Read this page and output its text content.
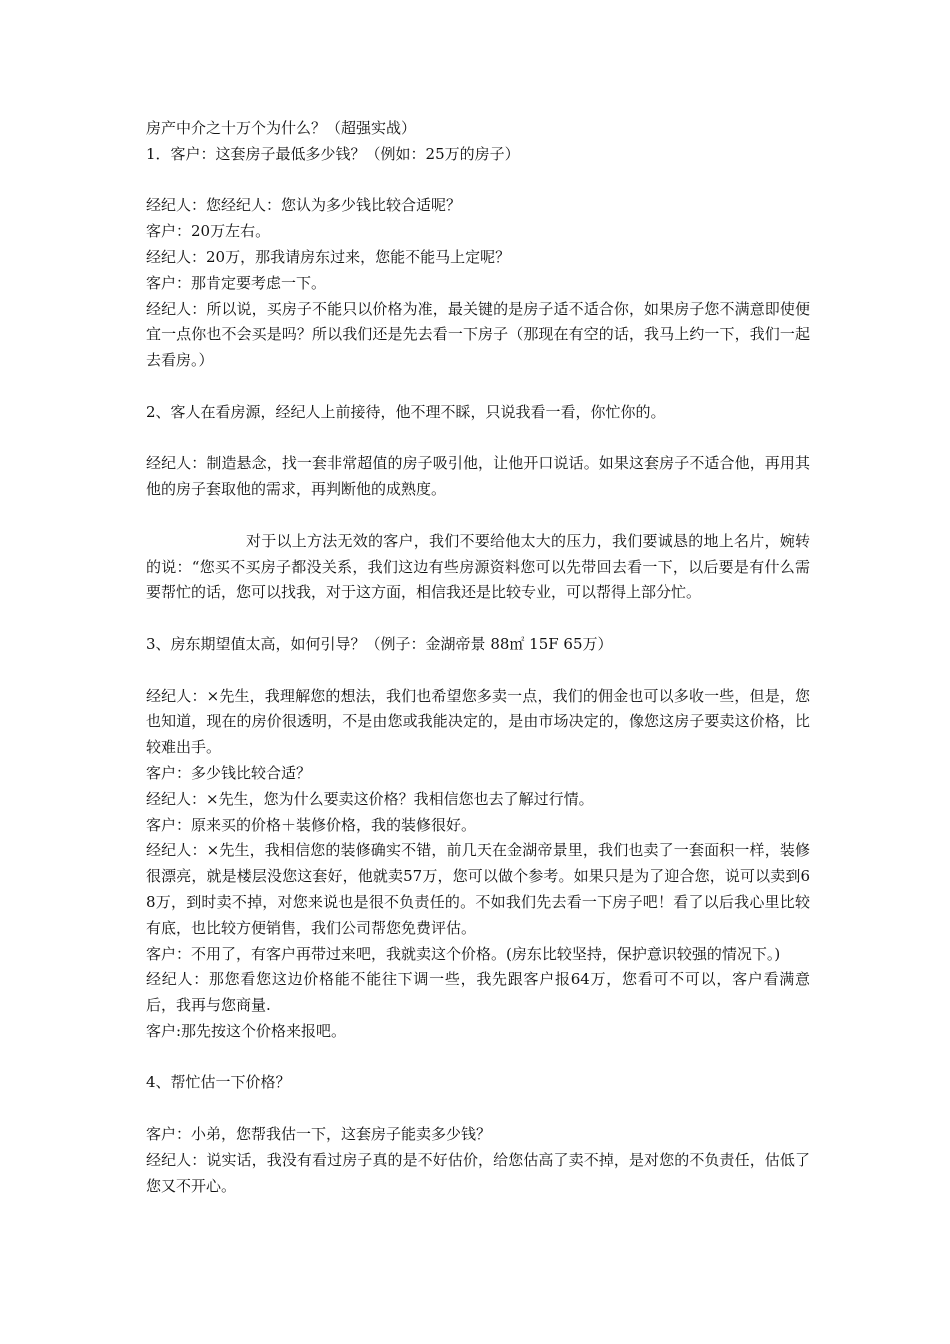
房产中介之十万个为什么？（超强实战）

1．客户：这套房子最低多少钱？（例如：25万的房子）

经纪人：您经纪人：您认为多少钱比较合适呢？

客户：20万左右。

经纪人：20万，那我请房东过来，您能不能马上定呢？

客户：那肯定要考虑一下。

经纪人：所以说，买房子不能只以价格为准，最关键的是房子适不适合你，如果房子您不满意即使便宜一点你也不会买是吗？所以我们还是先去看一下房子（那现在有空的话，我马上约一下，我们一起去看房。）

2、客人在看房源，经纪人上前接待，他不理不睬，只说我看一看，你忙你的。

经纪人：制造悬念，找一套非常超值的房子吸引他，让他开口说话。如果这套房子不适合他，再用其他的房子套取他的需求，再判断他的成熟度。

对于以上方法无效的客户，我们不要给他太大的压力，我们要诚恳的地上名片，婉转的说：“您买不买房子都没关系，我们这边有些房源资料您可以先带回去看一下，以后要是有什么需要帮忙的话，您可以找我，对于这方面，相信我还是比较专业，可以帮得上部分忙。

3、房东期望值太高，如何引导？（例子：金湖帝景 88㎡ 15F 65万）

经纪人：×先生，我理解您的想法，我们也希望您多卖一点，我们的佣金也可以多收一些，但是，您也知道，现在的房价很透明，不是由您或我能决定的，是由市场决定的，像您这房子要卖这价格，比较难出手。

客户：多少钱比较合适？

经纪人：×先生，您为什么要卖这价格？我相信您也去了解过行情。

客户：原来买的价格＋装修价格，我的装修很好。

经纪人：×先生，我相信您的装修确实不错，前几天在金湖帝景里，我们也卖了一套面积一样，装修很漂亮，就是楼层没您这套好，他就卖57万，您可以做个参考。如果只是为了迎合您，说可以卖到68万，到时卖不掉，对您来说也是很不负责任的。不如我们先去看一下房子吧！看了以后我心里比较有底，也比较方便销售，我们公司帮您免费评估。

客户：不用了，有客户再带过来吧，我就卖这个价格。(房东比较坚持，保护意识较强的情况下。)

经纪人：那您看您这边价格能不能往下调一些，我先跟客户报64万，您看可不可以，客户看满意后，我再与您商量.

客户:那先按这个价格来报吧。

4、帮忙估一下价格？

客户：小弟，您帮我估一下，这套房子能卖多少钱？

经纪人：说实话，我没有看过房子真的是不好估价，给您估高了卖不掉，是对您的不负责任，估低了您又不开心。
